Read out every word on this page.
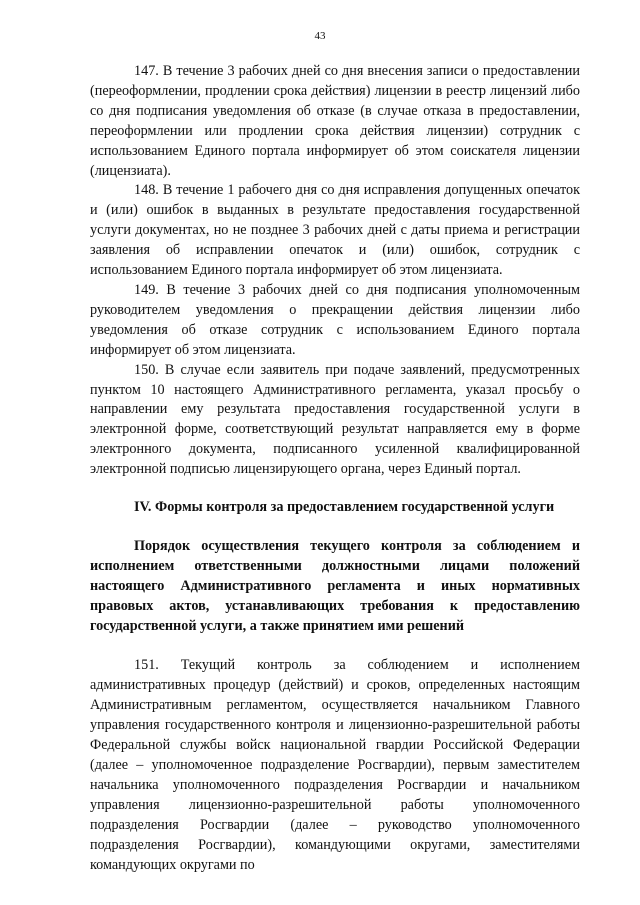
43

147. В течение 3 рабочих дней со дня внесения записи о предоставлении (переоформлении, продлении срока действия) лицензии в реестр лицензий либо со дня подписания уведомления об отказе (в случае отказа в предоставлении, переоформлении или продлении срока действия лицензии) сотрудник с использованием Единого портала информирует об этом соискателя лицензии (лицензиата).

148. В течение 1 рабочего дня со дня исправления допущенных опечаток и (или) ошибок в выданных в результате предоставления государственной услуги документах, но не позднее 3 рабочих дней с даты приема и регистрации заявления об исправлении опечаток и (или) ошибок, сотрудник с использованием Единого портала информирует об этом лицензиата.

149. В течение 3 рабочих дней со дня подписания уполномоченным руководителем уведомления о прекращении действия лицензии либо уведомления об отказе сотрудник с использованием Единого портала информирует об этом лицензиата.

150. В случае если заявитель при подаче заявлений, предусмотренных пунктом 10 настоящего Административного регламента, указал просьбу о направлении ему результата предоставления государственной услуги в электронной форме, соответствующий результат направляется ему в форме электронного документа, подписанного усиленной квалифицированной электронной подписью лицензирующего органа, через Единый портал.

IV. Формы контроля за предоставлением государственной услуги
Порядок осуществления текущего контроля за соблюдением и исполнением ответственными должностными лицами положений настоящего Административного регламента и иных нормативных правовых актов, устанавливающих требования к предоставлению государственной услуги, а также принятием ими решений

151. Текущий контроль за соблюдением и исполнением административных процедур (действий) и сроков, определенных настоящим Административным регламентом, осуществляется начальником Главного управления государственного контроля и лицензионно-разрешительной работы Федеральной службы войск национальной гвардии Российской Федерации (далее – уполномоченное подразделение Росгвардии), первым заместителем начальника уполномоченного подразделения Росгвардии и начальником управления лицензионно-разрешительной работы уполномоченного подразделения Росгвардии (далее – руководство уполномоченного подразделения Росгвардии), командующими округами, заместителями командующих округами по
